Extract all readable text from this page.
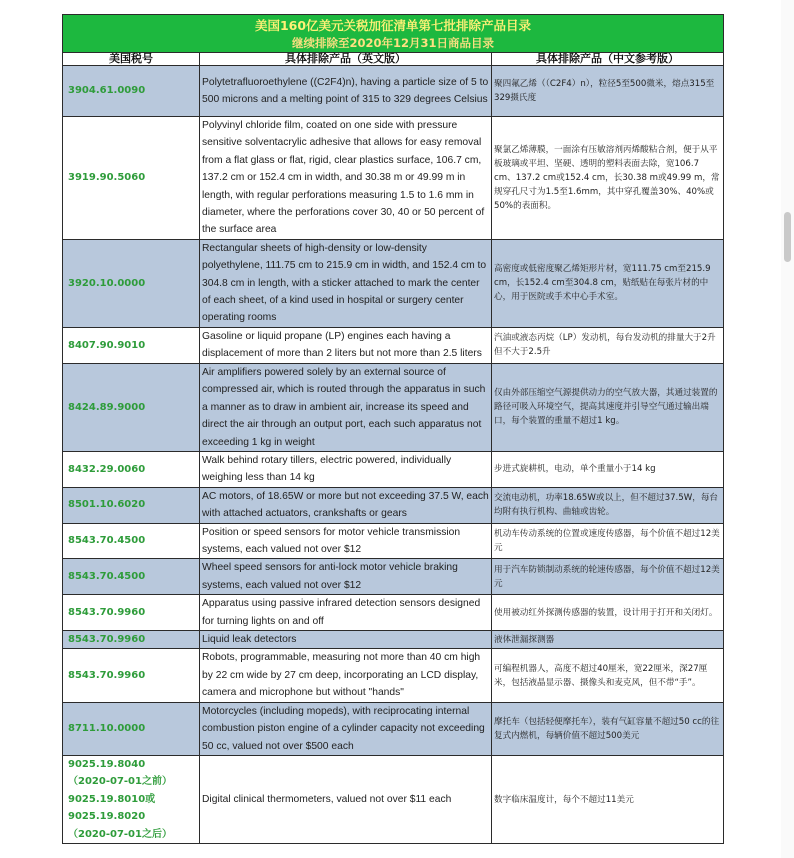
美国160亿美元关税加征清单第七批排除产品目录
继续排除至2020年12月31日商品目录		

美国税号	具体排除产品（英文版）	具体排除产品（中文参考版）
3904.61.0090	Polytetrafluoroethylene ((C2F4)n), having a particle size of 5 to 500 microns and a melting point of 315 to 329 degrees Celsius	聚四氟乙烯（（C2F4）n），粒径5至500微米，熔点315至329摄氏度
3919.90.5060	Polyvinyl chloride film, coated on one side with pressure sensitive solventacrylic adhesive that allows for easy removal from a flat glass or flat, rigid, clear plastics surface, 106.7 cm, 137.2 cm or 152.4 cm in width, and 30.38 m or 49.99 m in length, with regular perforations measuring 1.5 to 1.6 mm in diameter, where the perforations cover 30, 40 or 50 percent of the surface area	聚氯乙烯薄膜，一面涂有压敏溶剂丙烯酸粘合剂，便于从平板玻璃或平坦、坚硬、透明的塑料表面去除，宽106.7 cm、137.2 cm或152.4 cm，长30.38 m或49.99 m，常规穿孔尺寸为1.5至1.6mm，其中穿孔覆盖30%、40%或50%的表面积。
3920.10.0000	Rectangular sheets of high-density or low-density polyethylene, 111.75 cm to 215.9 cm in width, and 152.4 cm to 304.8 cm in length, with a sticker attached to mark the center of each sheet, of a kind used in hospital or surgery center operating rooms	高密度或低密度聚乙烯矩形片材，宽111.75 cm至215.9 cm，长152.4 cm至304.8 cm，贴纸贴在每张片材的中心，用于医院或手术中心手术室。
8407.90.9010	Gasoline or liquid propane (LP) engines each having a displacement of more than 2 liters but not more than 2.5 liters	汽油或液态丙烷（LP）发动机，每台发动机的排量大于2升但不大于2.5升
8424.89.9000	Air amplifiers powered solely by an external source of compressed air, which is routed through the apparatus in such a manner as to draw in ambient air, increase its speed and direct the air through an output port, each such apparatus not exceeding 1 kg in weight	仅由外部压缩空气源提供动力的空气放大器，其通过装置的路径可吸入环境空气，提高其速度并引导空气通过输出端口，每个装置的重量不超过1 kg。
8432.29.0060	Walk behind rotary tillers, electric powered, individually weighing less than 14 kg	步进式旋耕机，电动，单个重量小于14 kg
8501.10.6020	AC motors, of 18.65W or more but not exceeding 37.5 W, each with attached actuators, crankshafts or gears	交流电动机，功率18.65W或以上，但不超过37.5W，每台均附有执行机构、曲轴或齿轮。
8543.70.4500	Position or speed sensors for motor vehicle transmission systems, each valued not over $12	机动车传动系统的位置或速度传感器，每个价值不超过12美元
8543.70.4500	Wheel speed sensors for anti-lock motor vehicle braking systems, each valued not over $12	用于汽车防锁制动系统的轮速传感器，每个价值不超过12美元
8543.70.9960	Apparatus using passive infrared detection sensors designed for turning lights on and off	使用被动红外探测传感器的装置，设计用于打开和关闭灯。
8543.70.9960	Liquid leak detectors	液体泄漏探测器
8543.70.9960	Robots, programmable, measuring not more than 40 cm high by 22 cm wide by 27 cm deep, incorporating an LCD display, camera and microphone but without "hands"	可编程机器人，高度不超过40厘米，宽22厘米，深27厘米，包括液晶显示器、摄像头和麦克风，但不带“手”。
8711.10.0000	Motorcycles (including mopeds), with reciprocating internal combustion piston engine of a cylinder capacity not exceeding 50 cc, valued not over $500 each	摩托车（包括轻便摩托车），装有气缸容量不超过50 cc的往复式内燃机，每辆价值不超过500美元
9025.19.8040
（2020-07-01之前）
9025.19.8010或
9025.19.8020
（2020-07-01之后）	Digital clinical thermometers, valued not over $11 each	数字临床温度计，每个不超过11美元
